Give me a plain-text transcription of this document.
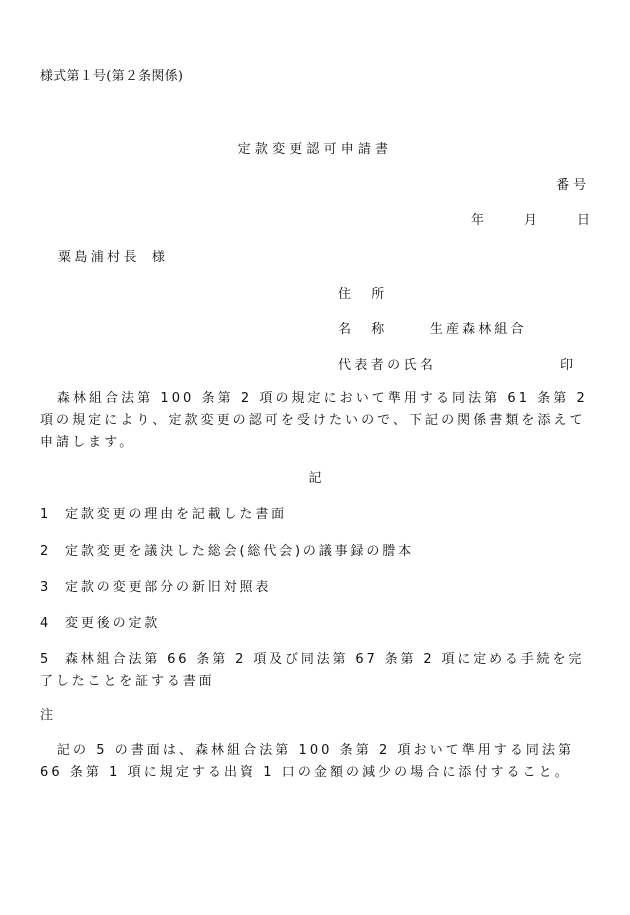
様式第１号(第２条関係)
定款変更認可申請書
番号
年	月	日
粟島浦村長 様
住　所
名　称	生産森林組合
代表者の氏名	印
森林組合法第 100 条第 2 項の規定において準用する同法第 61 条第 2 項の規定により、定款変更の認可を受けたいので、下記の関係書類を添えて申請します。
記
1 定款変更の理由を記載した書面
2 定款変更を議決した総会(総代会)の議事録の謄本
3 定款の変更部分の新旧対照表
4 変更後の定款
5 森林組合法第 66 条第 2 項及び同法第 67 条第 2 項に定める手続を完了したことを証する書面
注
記の 5 の書面は、森林組合法第 100 条第 2 項おいて準用する同法第 66 条第 1 項に規定する出資 1 口の金額の減少の場合に添付すること。
